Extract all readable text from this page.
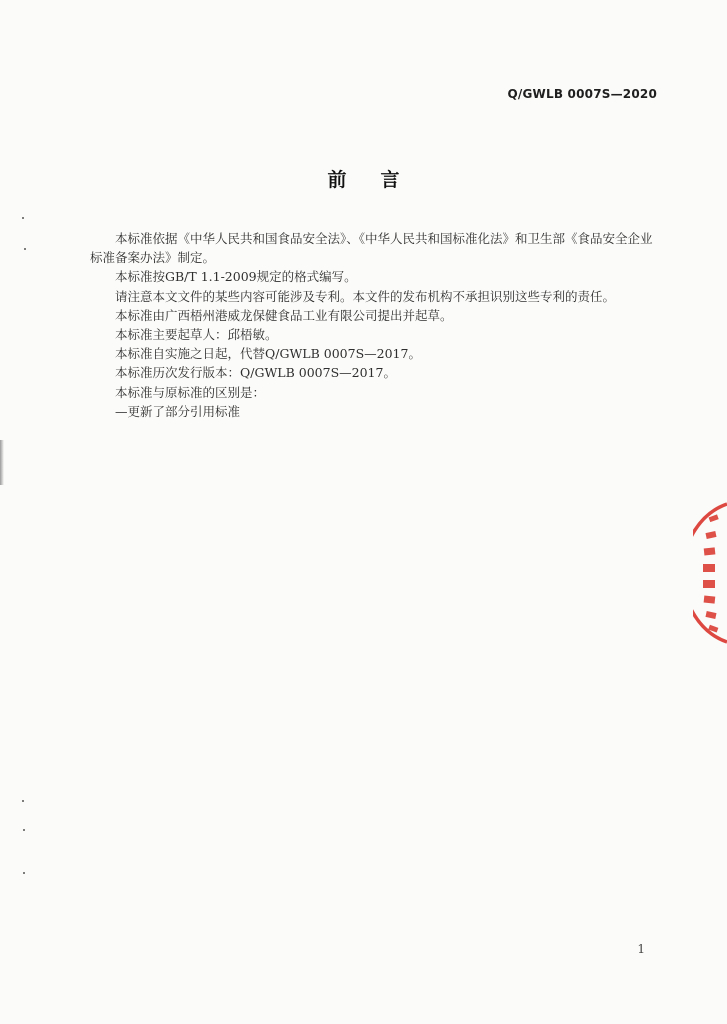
Q/GWLB 0007S—2020
前言

本标准依据《中华人民共和国食品安全法》、《中华人民共和国标准化法》和卫生部《食品安全企业标准备案办法》制定。

本标准按GB/T 1.1-2009规定的格式编写。

请注意本文文件的某些内容可能涉及专利。本文件的发布机构不承担识别这些专利的责任。

本标准由广西梧州港威龙保健食品工业有限公司提出并起草。

本标准主要起草人：邱梧敏。

本标准自实施之日起，代替Q/GWLB 0007S—2017。

本标准历次发行版本：Q/GWLB 0007S—2017。

本标准与原标准的区别是：

—更新了部分引用标准

1
